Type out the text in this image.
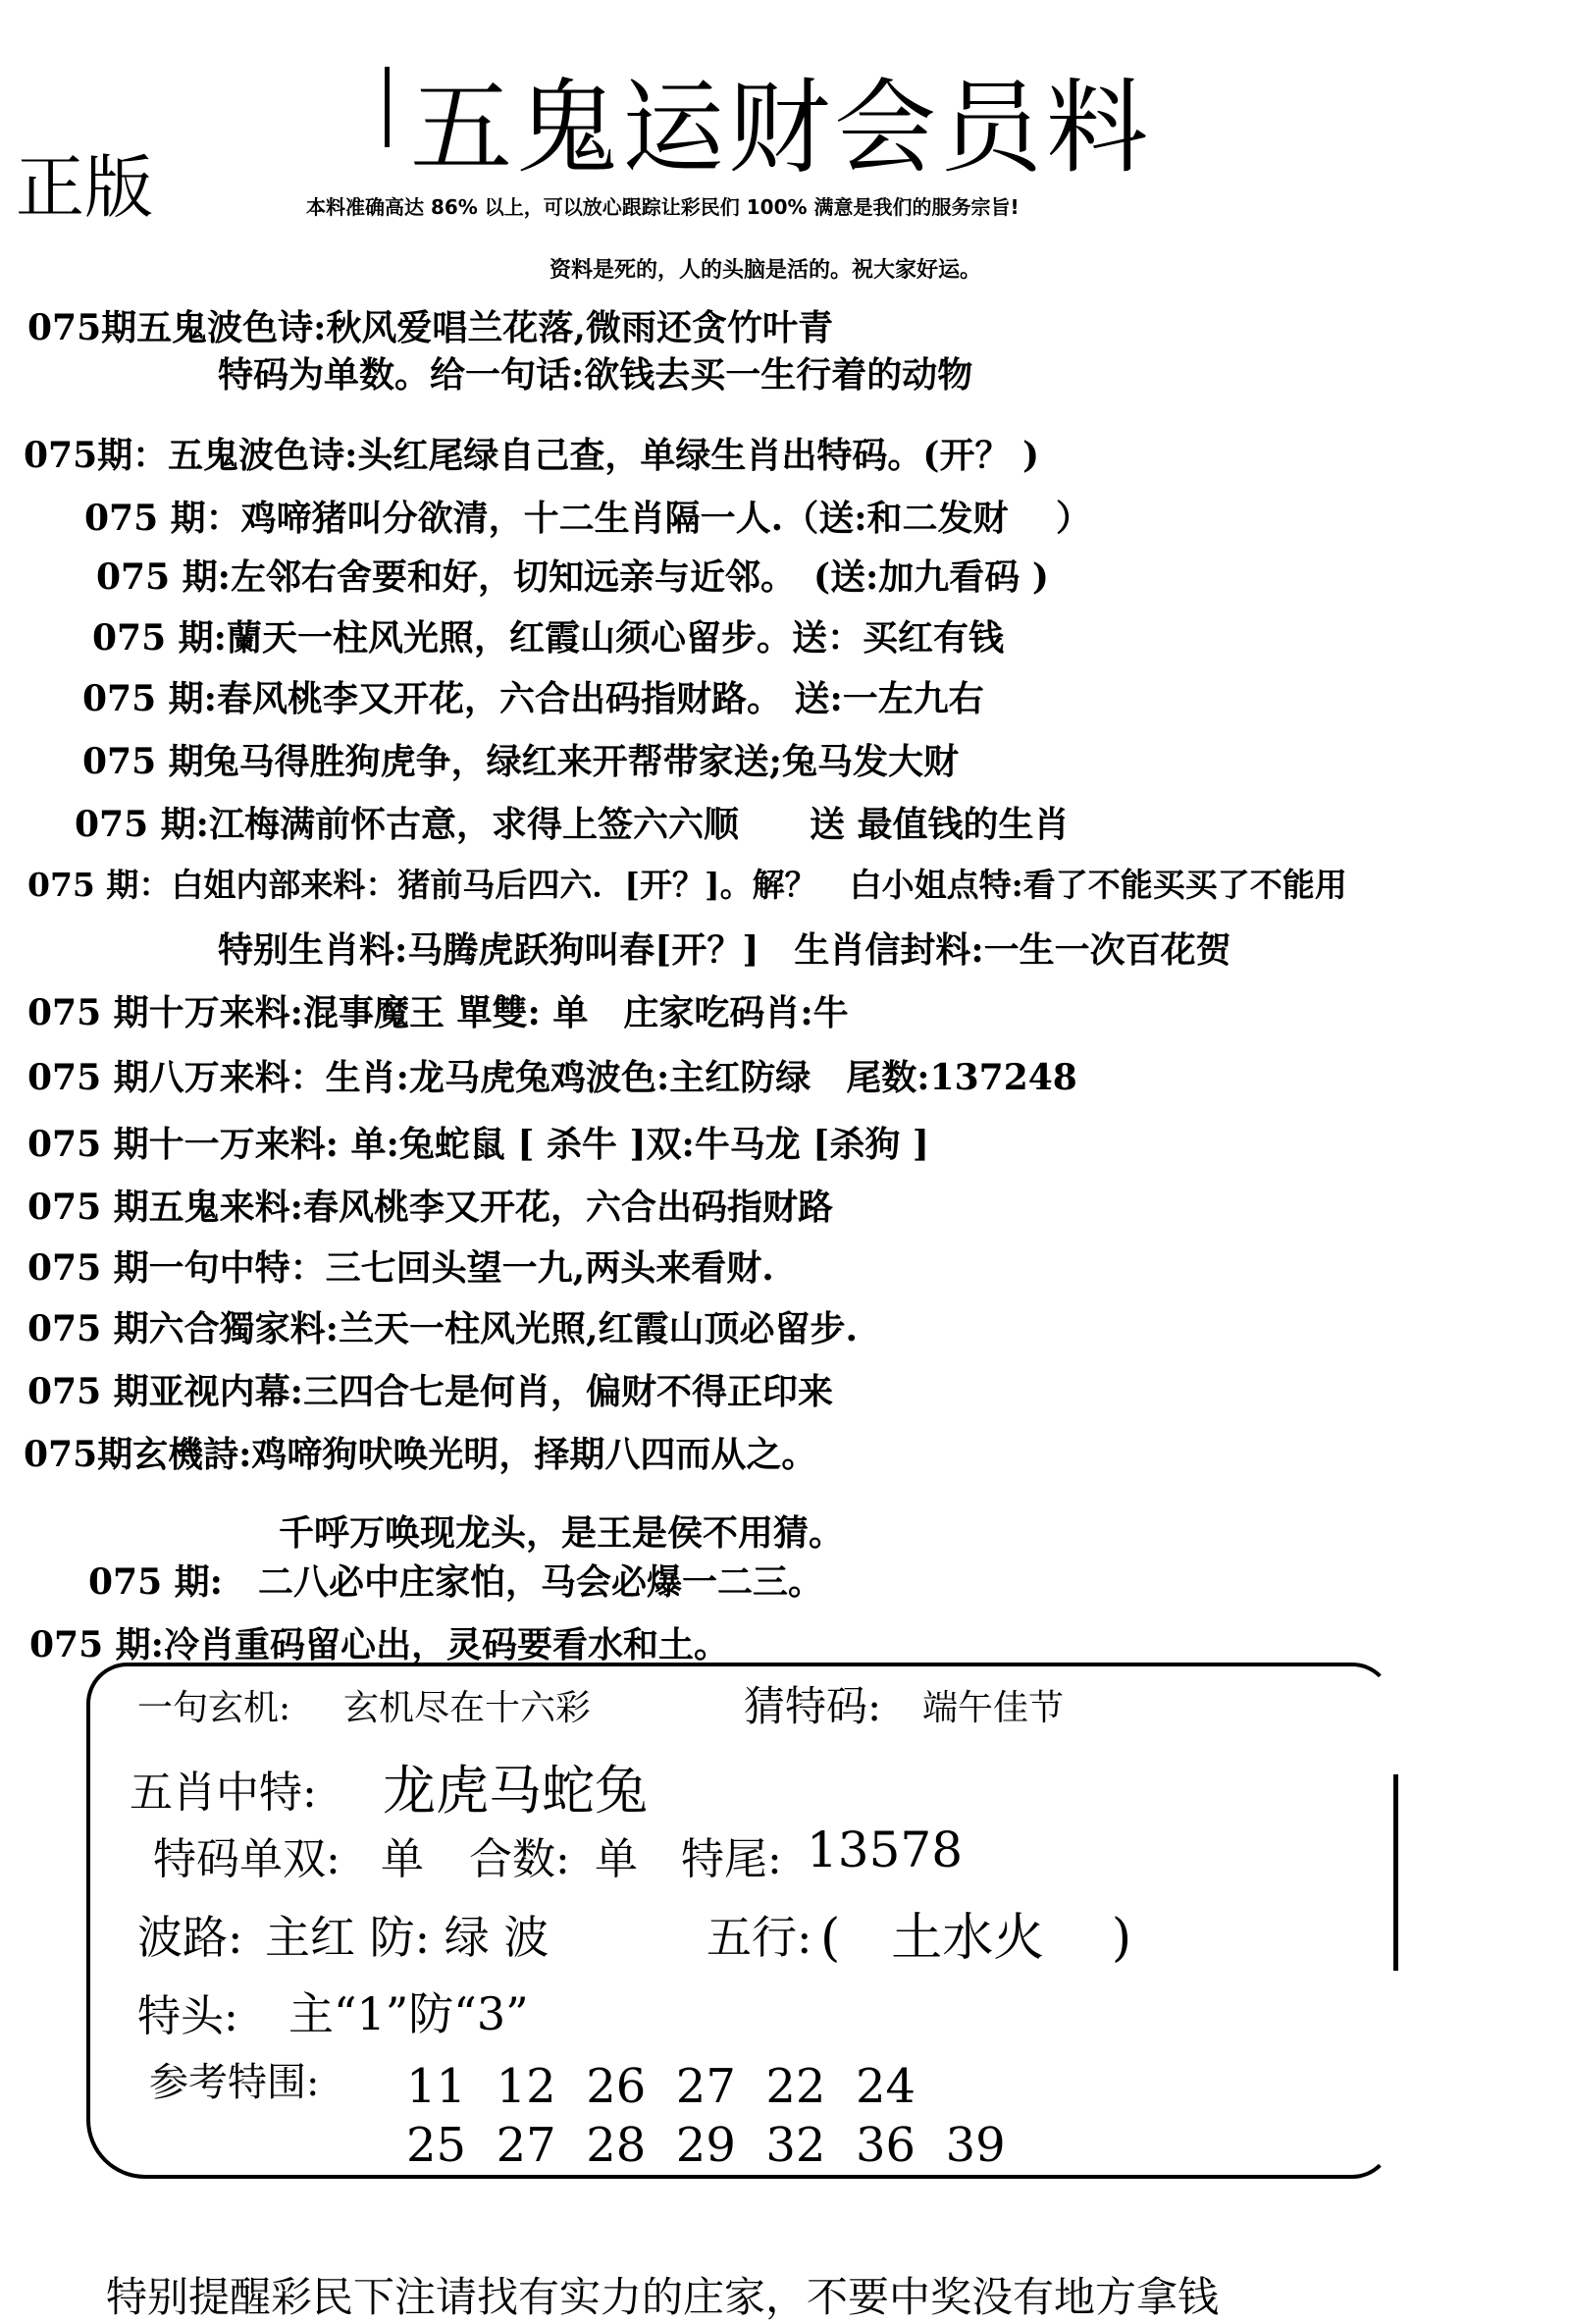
正版	五鬼运财会员料
本料准确高达 86% 以上，可以放心跟踪让彩民们 100% 满意是我们的服务宗旨!
资料是死的，人的头脑是活的。祝大家好运。
075期五鬼波色诗:秋风爱唱兰花落,微雨还贪竹叶青
特码为单数。给一句话:欲钱去买一生行着的动物
075期：五鬼波色诗:头红尾绿自己查，单绿生肖出特码。(开？ )
075 期：鸡啼猪叫分欲清，十二生肖隔一人.（送:和二发财　 ）
075 期:左邻右舍要和好，切知远亲与近邻。　(送:加九看码 )
075 期:蘭天一柱风光照，红霞山须心留步。送：买红有钱
075 期:春风桃李又开花，六合出码指财路。 送:一左九右
075 期兔马得胜狗虎争，绿红来开帮带家送;兔马发大财
075 期:江梅满前怀古意，求得上签六六顺　　送 最值钱的生肖
075 期：白姐内部来料：猪前马后四六．[开？]。解？　白小姐点特:看了不能买买了不能用
特别生肖料:马腾虎跃狗叫春[开？]　生肖信封料:一生一次百花贺
075 期十万来料:混事魔王 單雙: 单　庄家吃码肖:牛
075 期八万来料：生肖:龙马虎兔鸡波色:主红防绿　尾数:137248
075 期十一万来料: 单:兔蛇鼠 [ 杀牛 ]双:牛马龙 [杀狗 ]
075 期五鬼来料:春风桃李又开花，六合出码指财路
075 期一句中特：三七回头望一九,两头来看财.
075 期六合獨家料:兰天一柱风光照,红霞山顶必留步.
075 期亚视内幕:三四合七是何肖，偏财不得正印来
075期玄機詩:鸡啼狗吠唤光明，择期八四而从之。
千呼万唤现龙头，是王是侯不用猜。
075 期:　二八必中庄家怕，马会必爆一二三。
075 期:冷肖重码留心出，灵码要看水和土。
一句玄机: 玄机尽在十六彩	猜特码: 端午佳节
五肖中特: 龙虎马蛇兔
特码单双: 单 合数: 单 特尾: 13578
波路: 主红 防: 绿 波	五行: (　土水火　 )
特头: 主“1”防“3”
参考特围: 11  12  26  27  22  24
25  27  28  29  32  36  39
特别提醒彩民下注请找有实力的庄家，不要中奖没有地方拿钱
